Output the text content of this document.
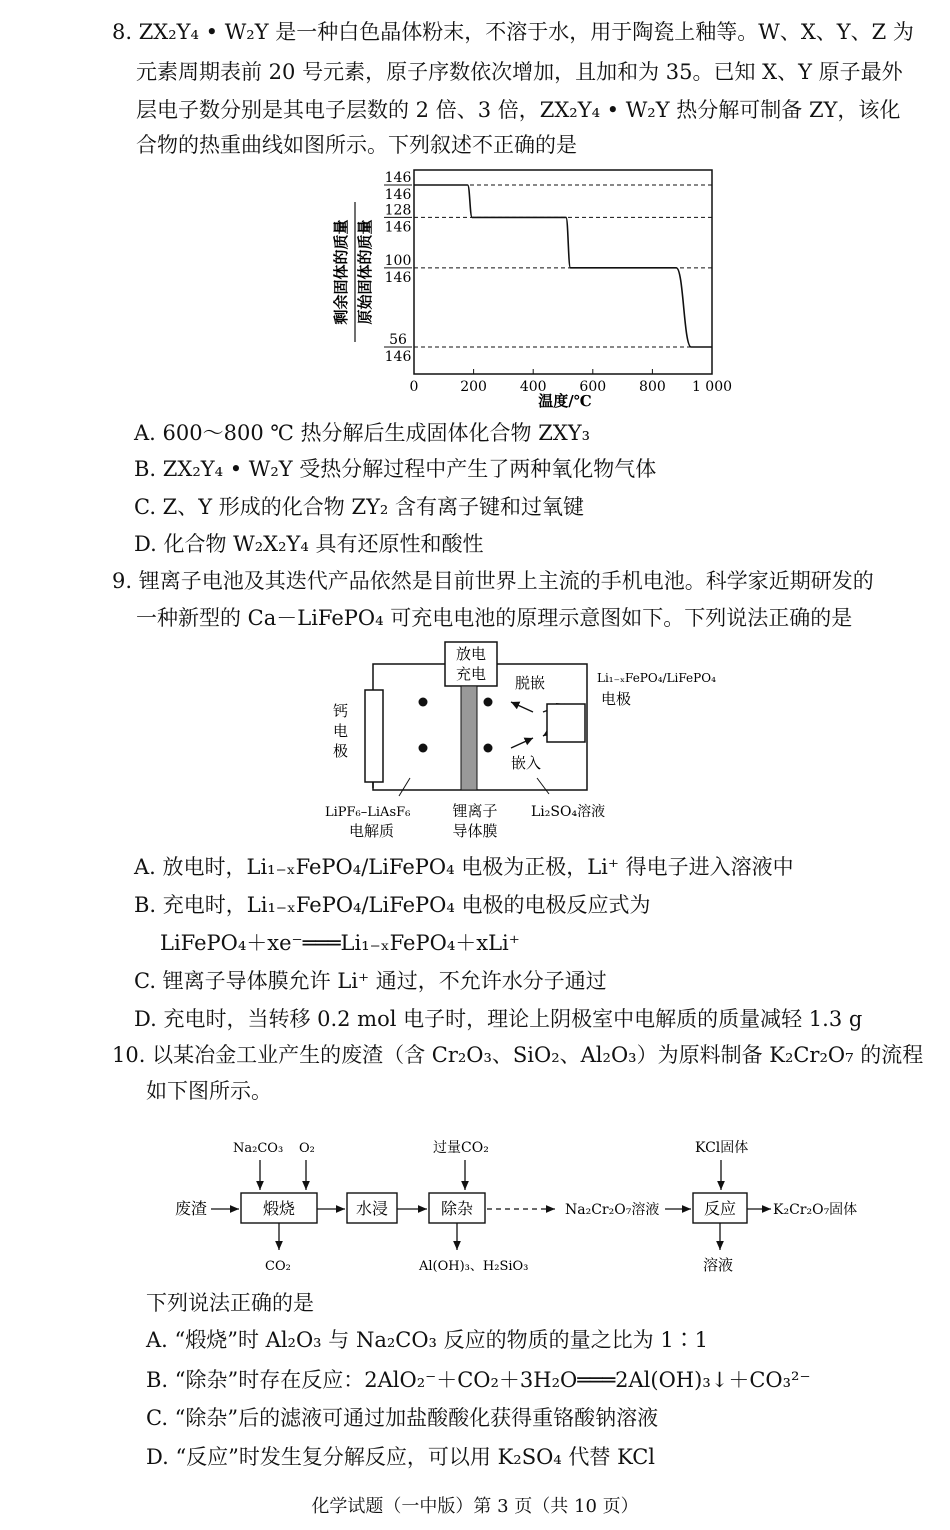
8. ZX₂Y₄ • W₂Y 是一种白色晶体粉末，不溶于水，用于陶瓷上釉等。W、X、Y、Z 为
元素周期表前 20 号元素，原子序数依次增加，且加和为 35。已知 X、Y 原子最外
层电子数分别是其电子层数的 2 倍、3 倍，ZX₂Y₄ • W₂Y 热分解可制备 ZY，该化
合物的热重曲线如图所示。下列叙述不正确的是
146
146
128
146
100
146
56
146
0	200 400 600 800 1 000
剩余固体的质量 原始固体的质量
温度/℃
A. 600～800 ℃ 热分解后生成固体化合物 ZXY₃
B. ZX₂Y₄ • W₂Y 受热分解过程中产生了两种氧化物气体
C. Z、Y 形成的化合物 ZY₂ 含有离子键和过氧键
D. 化合物 W₂X₂Y₄ 具有还原性和酸性
9. 锂离子电池及其迭代产品依然是目前世界上主流的手机电池。科学家近期研发的
一种新型的 Ca－LiFePO₄ 可充电电池的原理示意图如下。下列说法正确的是
放电
充电
钙
电
极
脱嵌
嵌入
Li₁₋ₓFePO₄/LiFePO₄
电极
LiPF₆–LiAsF₆
电解质
锂离子
导体膜
Li₂SO₄溶液
A. 放电时，Li₁₋ₓFePO₄/LiFePO₄ 电极为正极，Li⁺ 得电子进入溶液中
B. 充电时，Li₁₋ₓFePO₄/LiFePO₄ 电极的电极反应式为
LiFePO₄＋xe⁻═══Li₁₋ₓFePO₄＋xLi⁺
C. 锂离子导体膜允许 Li⁺ 通过，不允许水分子通过
D. 充电时，当转移 0.2 mol 电子时，理论上阴极室中电解质的质量减轻 1.3 g
10. 以某冶金工业产生的废渣（含 Cr₂O₃、SiO₂、Al₂O₃）为原料制备 K₂Cr₂O₇ 的流程
如下图所示。
Na₂CO₃ O₂	过量CO₂	KCl固体
废渣	煅烧	水浸	除杂	Na₂Cr₂O₇溶液	反应	K₂Cr₂O₇固体
CO₂	Al(OH)₃、H₂SiO₃	溶液
下列说法正确的是
A. “煅烧”时 Al₂O₃ 与 Na₂CO₃ 反应的物质的量之比为 1∶1
B. “除杂”时存在反应：2AlO₂⁻＋CO₂＋3H₂O═══2Al(OH)₃↓＋CO₃²⁻
C. “除杂”后的滤液可通过加盐酸酸化获得重铬酸钠溶液
D. “反应”时发生复分解反应，可以用 K₂SO₄ 代替 KCl
化学试题（一中版）第 3 页（共 10 页）
